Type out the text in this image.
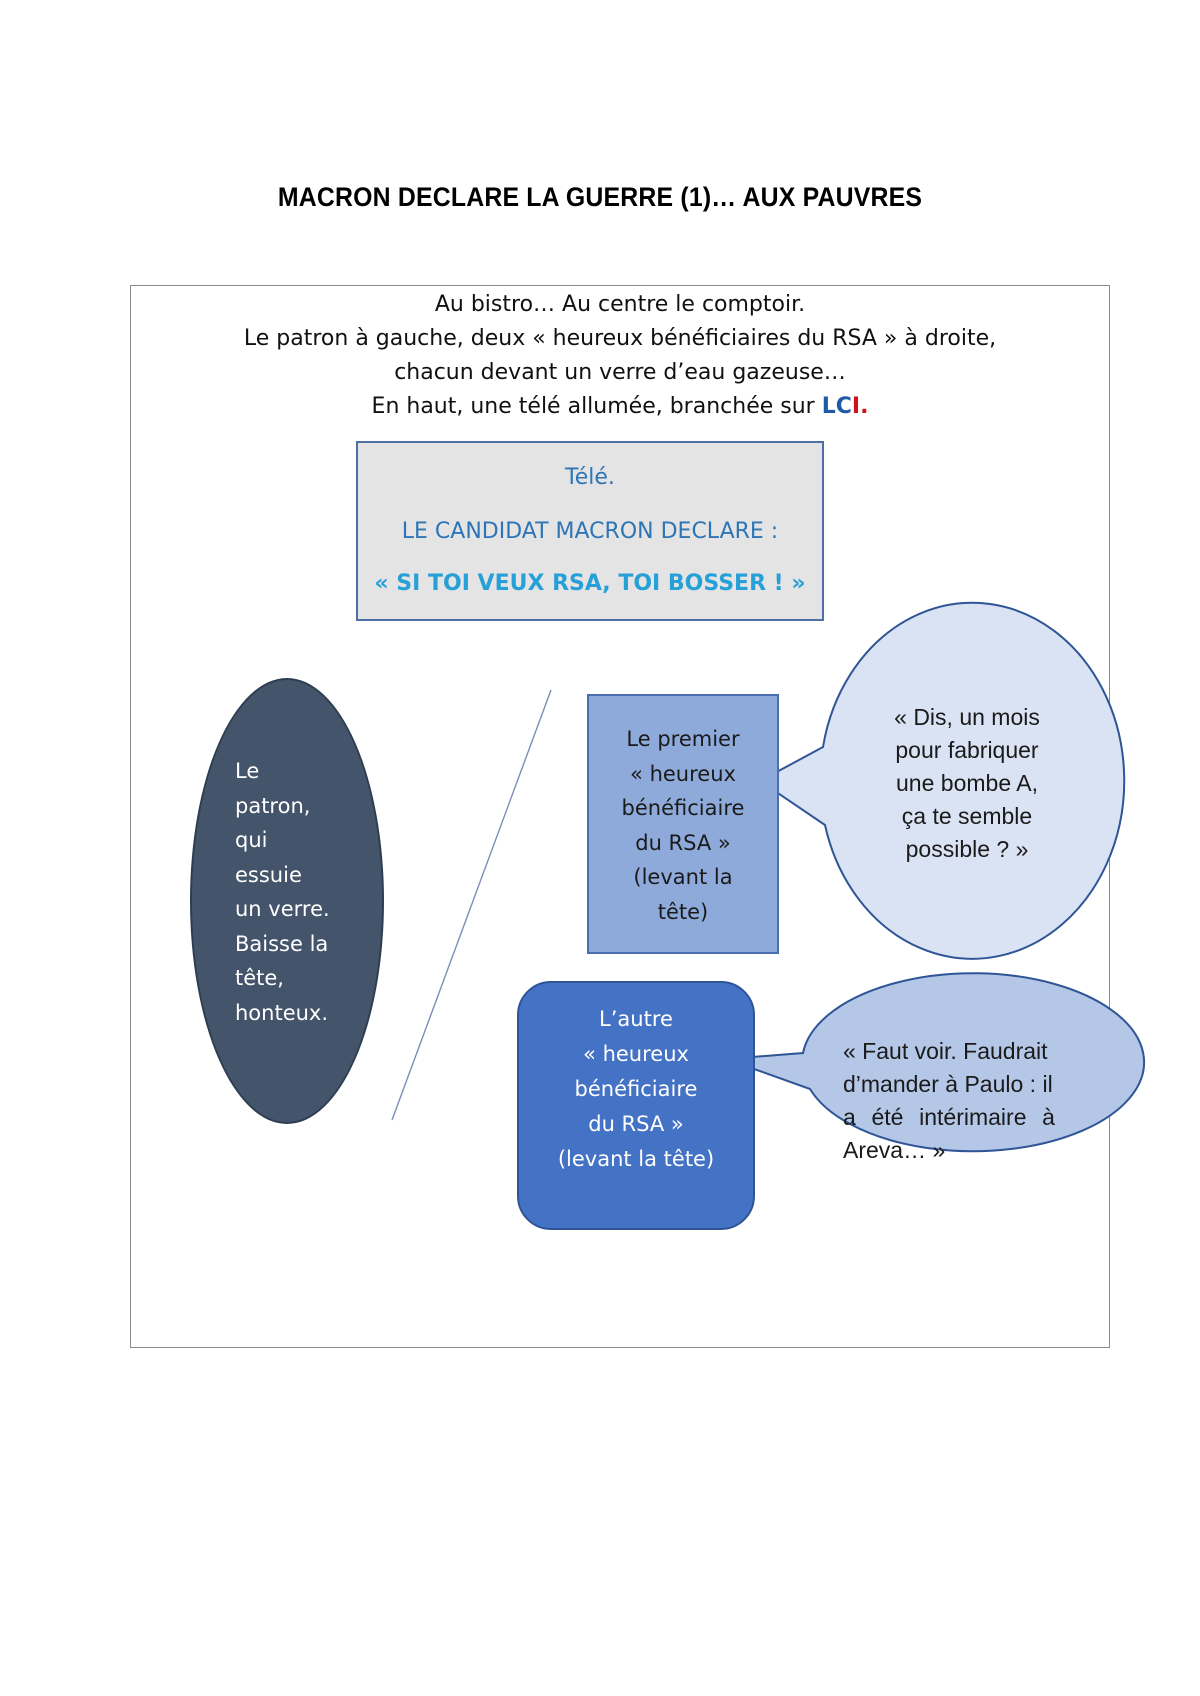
MACRON DECLARE LA GUERRE (1)… AUX PAUVRES
Au bistro… Au centre le comptoir.
Le patron à gauche, deux « heureux bénéficiaires du RSA » à droite,
chacun devant un verre d’eau gazeuse…
En haut, une télé allumée, branchée sur LCI.
Télé.
LE CANDIDAT MACRON DECLARE :
« SI TOI VEUX RSA, TOI BOSSER ! »
Le
patron,
qui
essuie
un verre.
Baisse la
tête,
honteux.
Le premier
« heureux
bénéficiaire
du RSA »
(levant la
tête)
L’autre
« heureux
bénéficiaire
du RSA »
(levant la tête)
« Dis, un mois
pour fabriquer
une bombe A,
ça te semble
possible ? »
« Faut voir. Faudrait
d’mander à Paulo : il
a été intérimaire à
Areva… »
